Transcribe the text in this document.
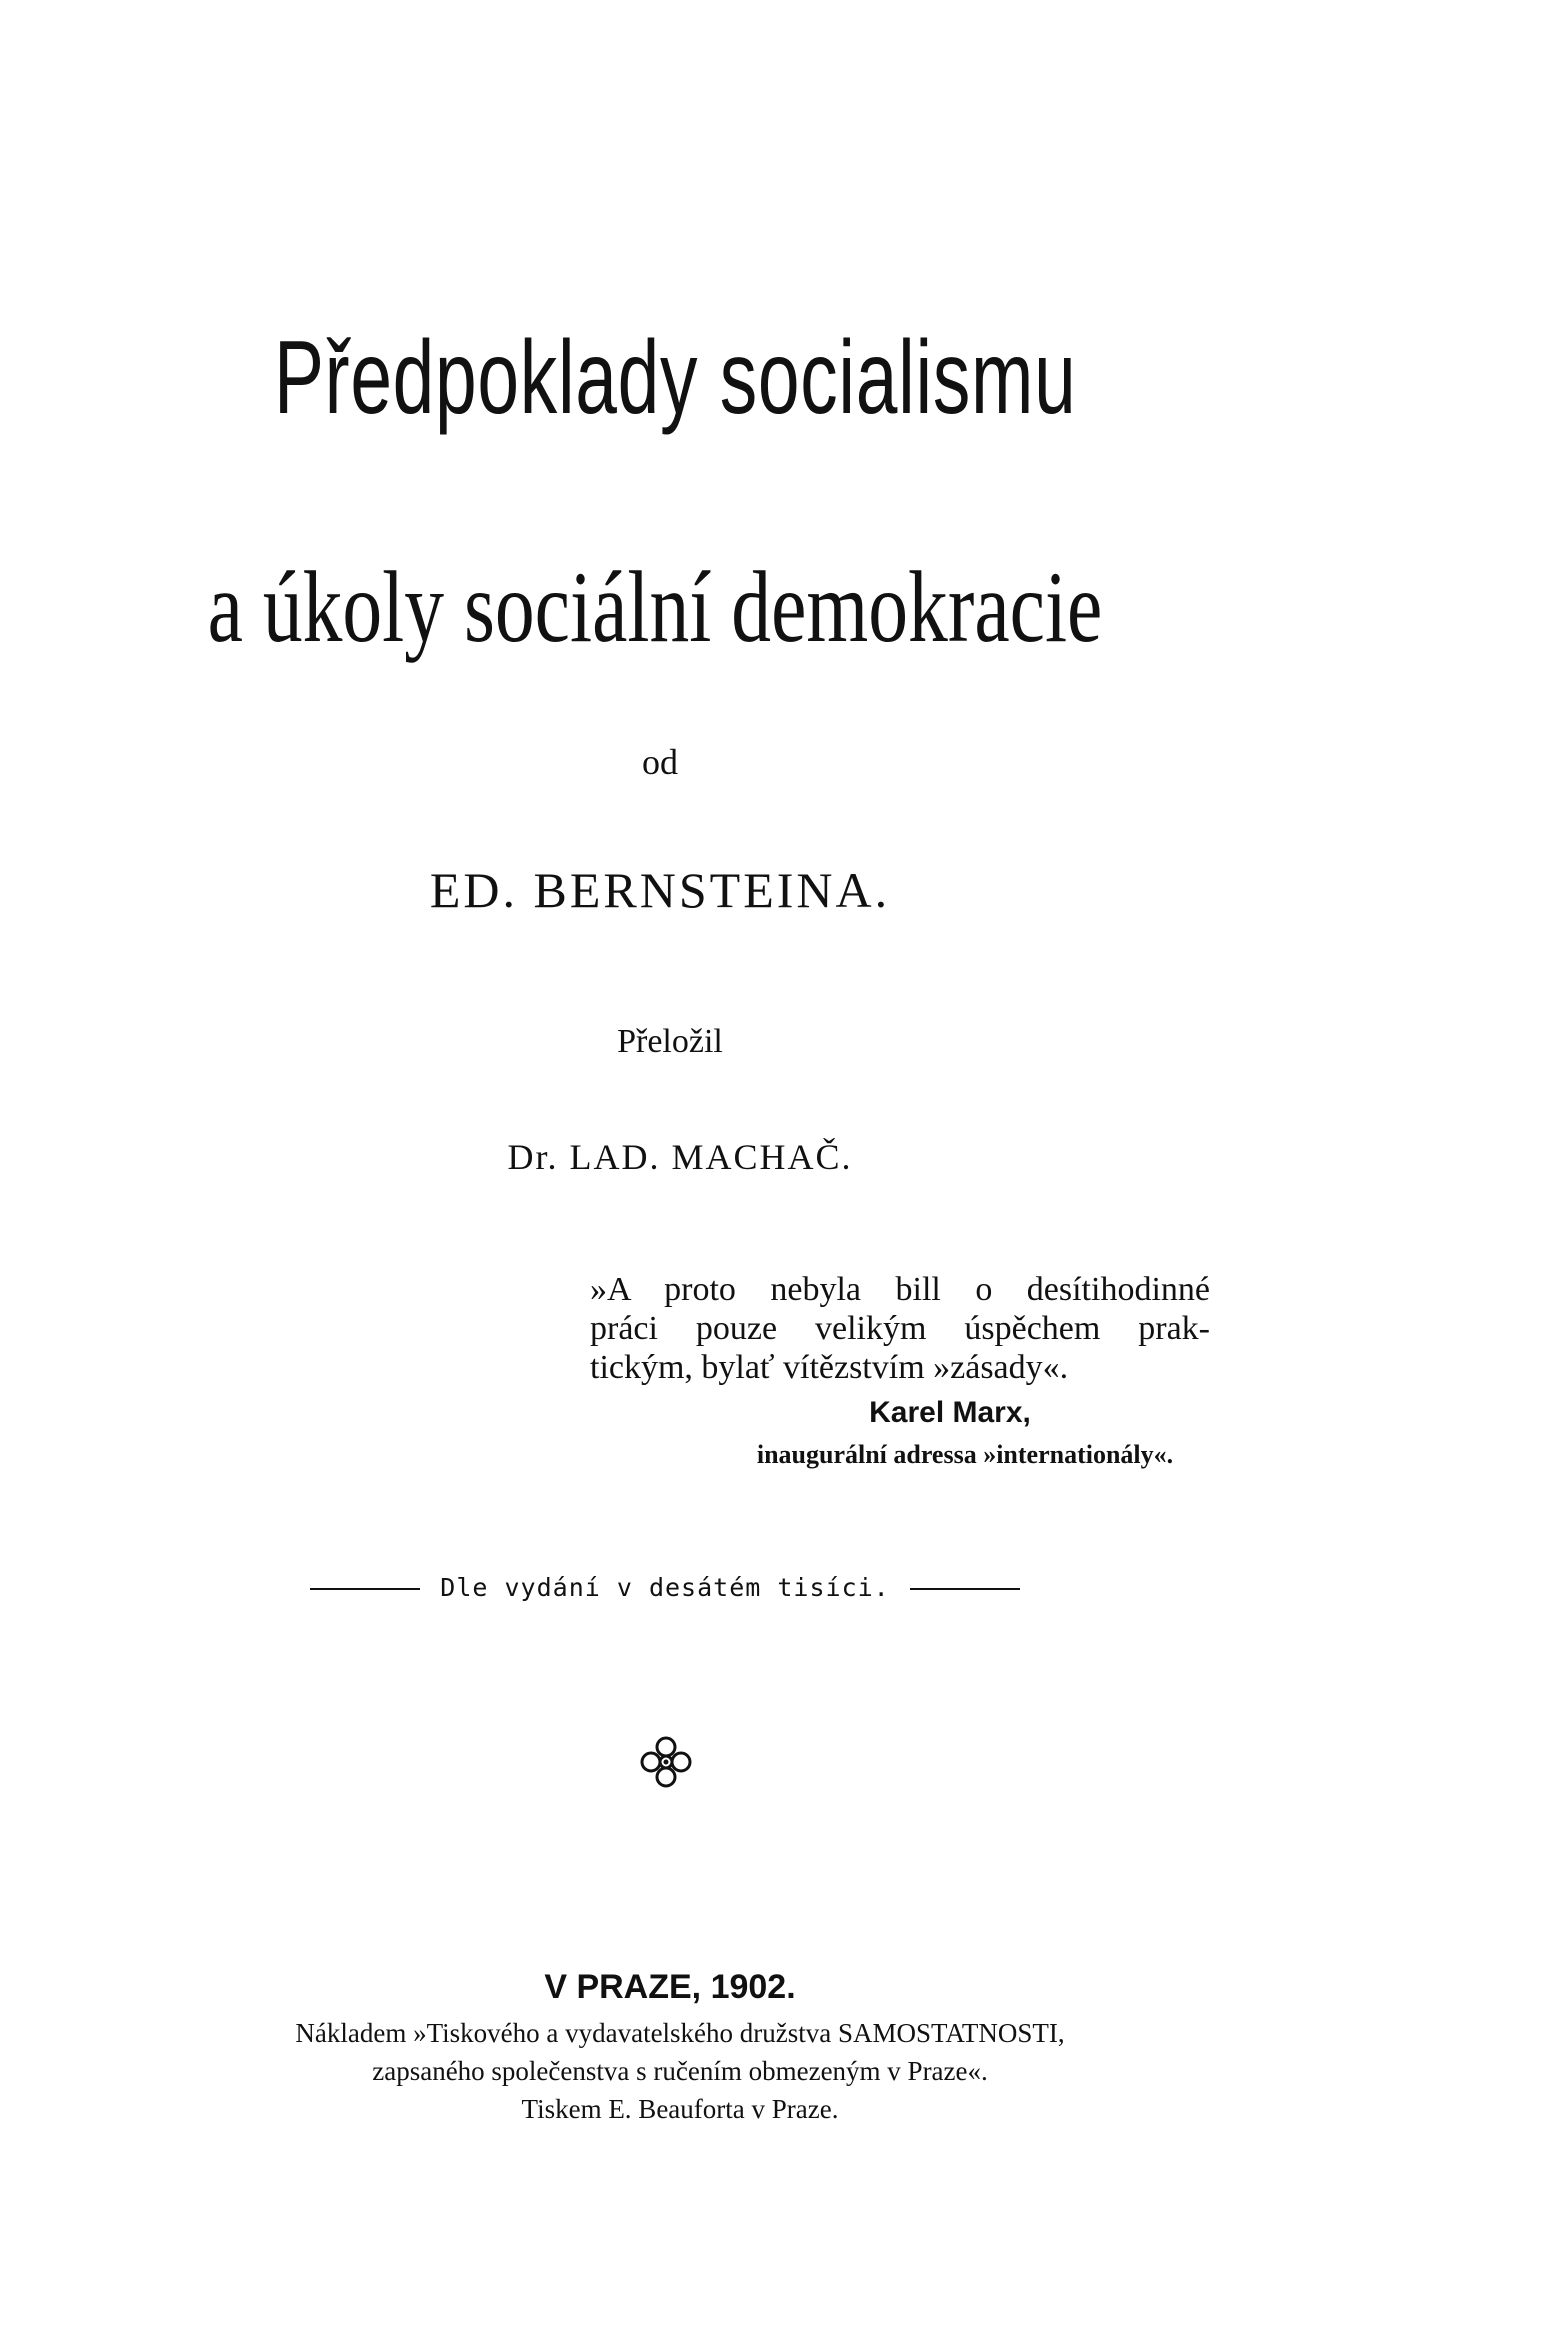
Předpoklady socialismu
a úkoly sociální demokracie
od
ED. BERNSTEINA.
Přeložil
Dr. LAD. MACHAČ.
»A proto nebyla bill o desítihodinné
práci pouze velikým úspěchem prak-
tickým, bylať vítězstvím »zásady«.
Karel Marx,
inaugurální adressa »internationály«.
Dle vydání v desátém tisíci.
V PRAZE, 1902.
Nákladem »Tiskového a vydavatelského družstva SAMOSTATNOSTI,
zapsaného společenstva s ručením obmezeným v Praze«.
Tiskem E. Beauforta v Praze.
